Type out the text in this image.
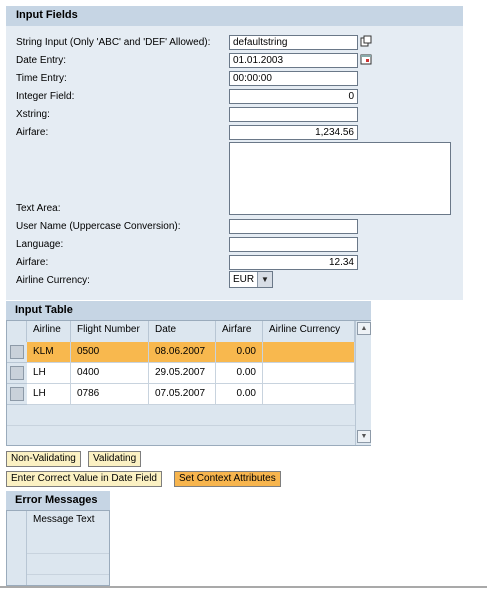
Input Fields
String Input (Only 'ABC' and 'DEF' Allowed):	defaultstring
Date Entry:	01.01.2003
Time Entry:	00:00:00
Integer Field:	0
Xstring:
Airfare:	1,234.56
Text Area:
User Name (Uppercase Conversion):
Language:
Airfare:	12.34
Airline Currency:	EUR ▼
Input Table
Airline	Flight Number	Date	Airfare	Airline Currency
KLM	0500	08.06.2007	0.00
LH	0400	29.05.2007	0.00
LH	0786	07.05.2007	0.00
▲
▼
Non-Validating	Validating
Enter Correct Value in Date Field	Set Context Attributes
Error Messages
Message Text
